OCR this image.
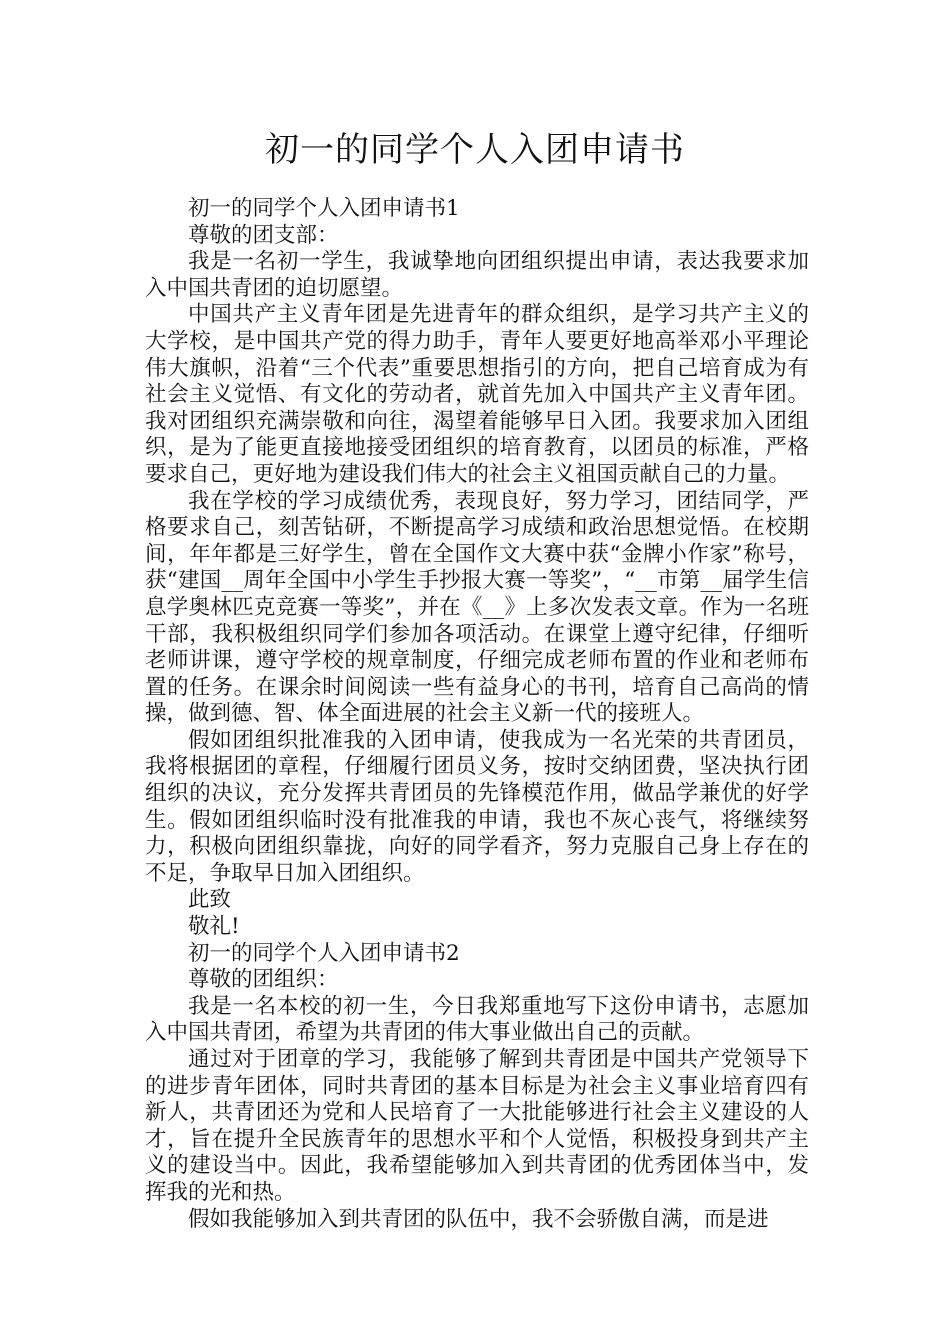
初一的同学个人入团申请书

初一的同学个人入团申请书1

尊敬的团支部：

我是一名初一学生，我诚挚地向团组织提出申请，表达我要求加入中国共青团的迫切愿望。

中国共产主义青年团是先进青年的群众组织，是学习共产主义的大学校，是中国共产党的得力助手，青年人要更好地高举邓小平理论伟大旗帜，沿着“三个代表”重要思想指引的方向，把自己培育成为有社会主义觉悟、有文化的劳动者，就首先加入中国共产主义青年团。我对团组织充满崇敬和向往，渴望着能够早日入团。我要求加入团组织，是为了能更直接地接受团组织的培育教育，以团员的标准，严格要求自己，更好地为建设我们伟大的社会主义祖国贡献自己的力量。

我在学校的学习成绩优秀，表现良好，努力学习，团结同学，严格要求自己，刻苦钻研，不断提高学习成绩和政治思想觉悟。在校期间，年年都是三好学生，曾在全国作文大赛中获“金牌小作家”称号，获“建国__周年全国中小学生手抄报大赛一等奖”，“__市第__届学生信息学奥林匹克竞赛一等奖”，并在《__》上多次发表文章。作为一名班干部，我积极组织同学们参加各项活动。在课堂上遵守纪律，仔细听老师讲课，遵守学校的规章制度，仔细完成老师布置的作业和老师布置的任务。在课余时间阅读一些有益身心的书刊，培育自己高尚的情操，做到德、智、体全面进展的社会主义新一代的接班人。

假如团组织批准我的入团申请，使我成为一名光荣的共青团员，我将根据团的章程，仔细履行团员义务，按时交纳团费，坚决执行团组织的决议，充分发挥共青团员的先锋模范作用，做品学兼优的好学生。假如团组织临时没有批准我的申请，我也不灰心丧气，将继续努力，积极向团组织靠拢，向好的同学看齐，努力克服自己身上存在的不足，争取早日加入团组织。

此致

敬礼!

初一的同学个人入团申请书2

尊敬的团组织：

我是一名本校的初一生，今日我郑重地写下这份申请书，志愿加入中国共青团，希望为共青团的伟大事业做出自己的贡献。

通过对于团章的学习，我能够了解到共青团是中国共产党领导下的进步青年团体，同时共青团的基本目标是为社会主义事业培育四有新人，共青团还为党和人民培育了一大批能够进行社会主义建设的人才，旨在提升全民族青年的思想水平和个人觉悟，积极投身到共产主义的建设当中。因此，我希望能够加入到共青团的优秀团体当中，发挥我的光和热。

假如我能够加入到共青团的队伍中，我不会骄傲自满，而是进
